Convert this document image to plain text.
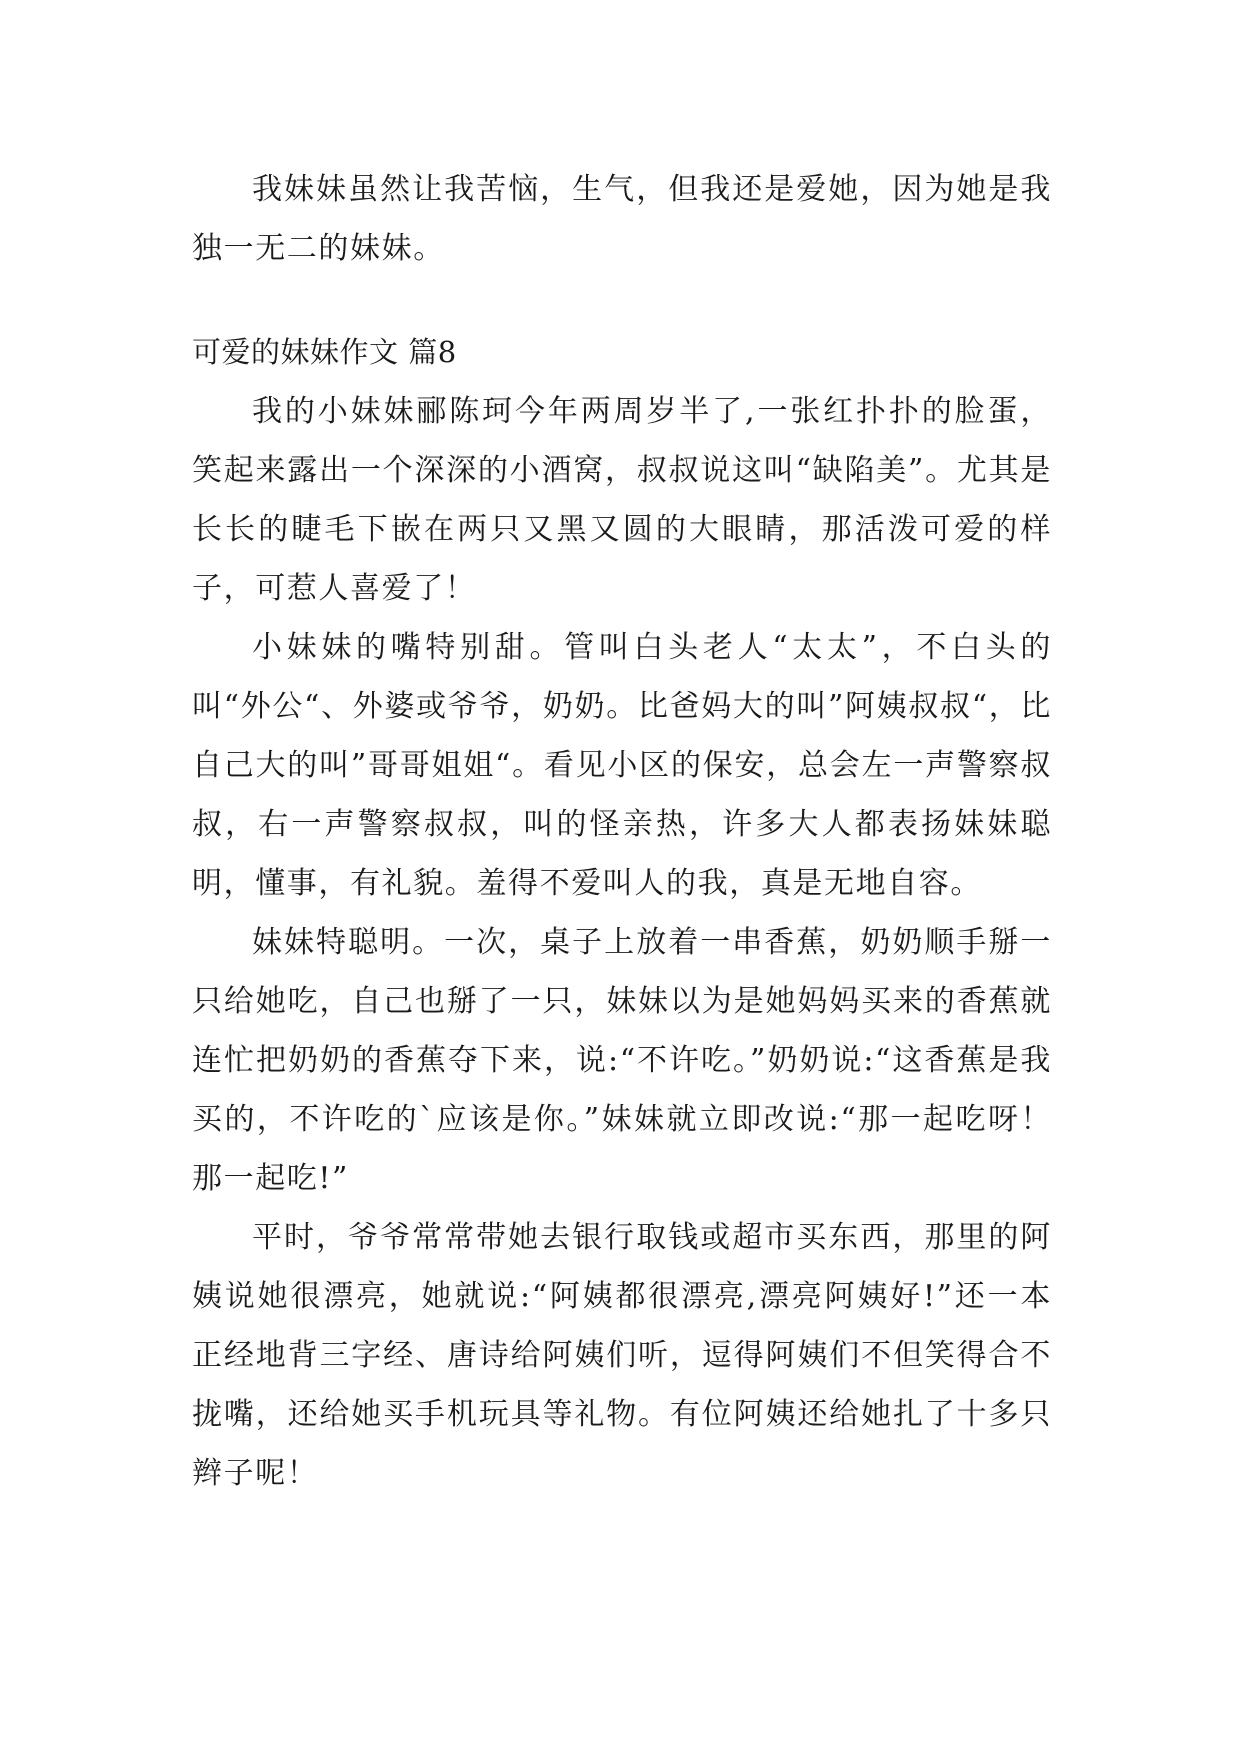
我妹妹虽然让我苦恼，生气，但我还是爱她，因为她是我独一无二的妹妹。

可爱的妹妹作文 篇8

我的小妹妹郦陈珂今年两周岁半了,一张红扑扑的脸蛋，笑起来露出一个深深的小酒窝，叔叔说这叫“缺陷美”。尤其是长长的睫毛下嵌在两只又黑又圆的大眼睛，那活泼可爱的样子，可惹人喜爱了！

小妹妹的嘴特别甜。管叫白头老人“太太”，不白头的叫“外公“、外婆或爷爷，奶奶。比爸妈大的叫”阿姨叔叔“，比自己大的叫”哥哥姐姐“。看见小区的保安，总会左一声警察叔叔，右一声警察叔叔，叫的怪亲热，许多大人都表扬妹妹聪明，懂事，有礼貌。羞得不爱叫人的我，真是无地自容。

妹妹特聪明。一次，桌子上放着一串香蕉，奶奶顺手掰一只给她吃，自己也掰了一只，妹妹以为是她妈妈买来的香蕉就连忙把奶奶的香蕉夺下来，说:“不许吃。”奶奶说:“这香蕉是我买的，不许吃的`应该是你。”妹妹就立即改说:“那一起吃呀！那一起吃!”

平时，爷爷常常带她去银行取钱或超市买东西，那里的阿姨说她很漂亮，她就说:“阿姨都很漂亮,漂亮阿姨好!”还一本正经地背三字经、唐诗给阿姨们听，逗得阿姨们不但笑得合不拢嘴，还给她买手机玩具等礼物。有位阿姨还给她扎了十多只辫子呢！
